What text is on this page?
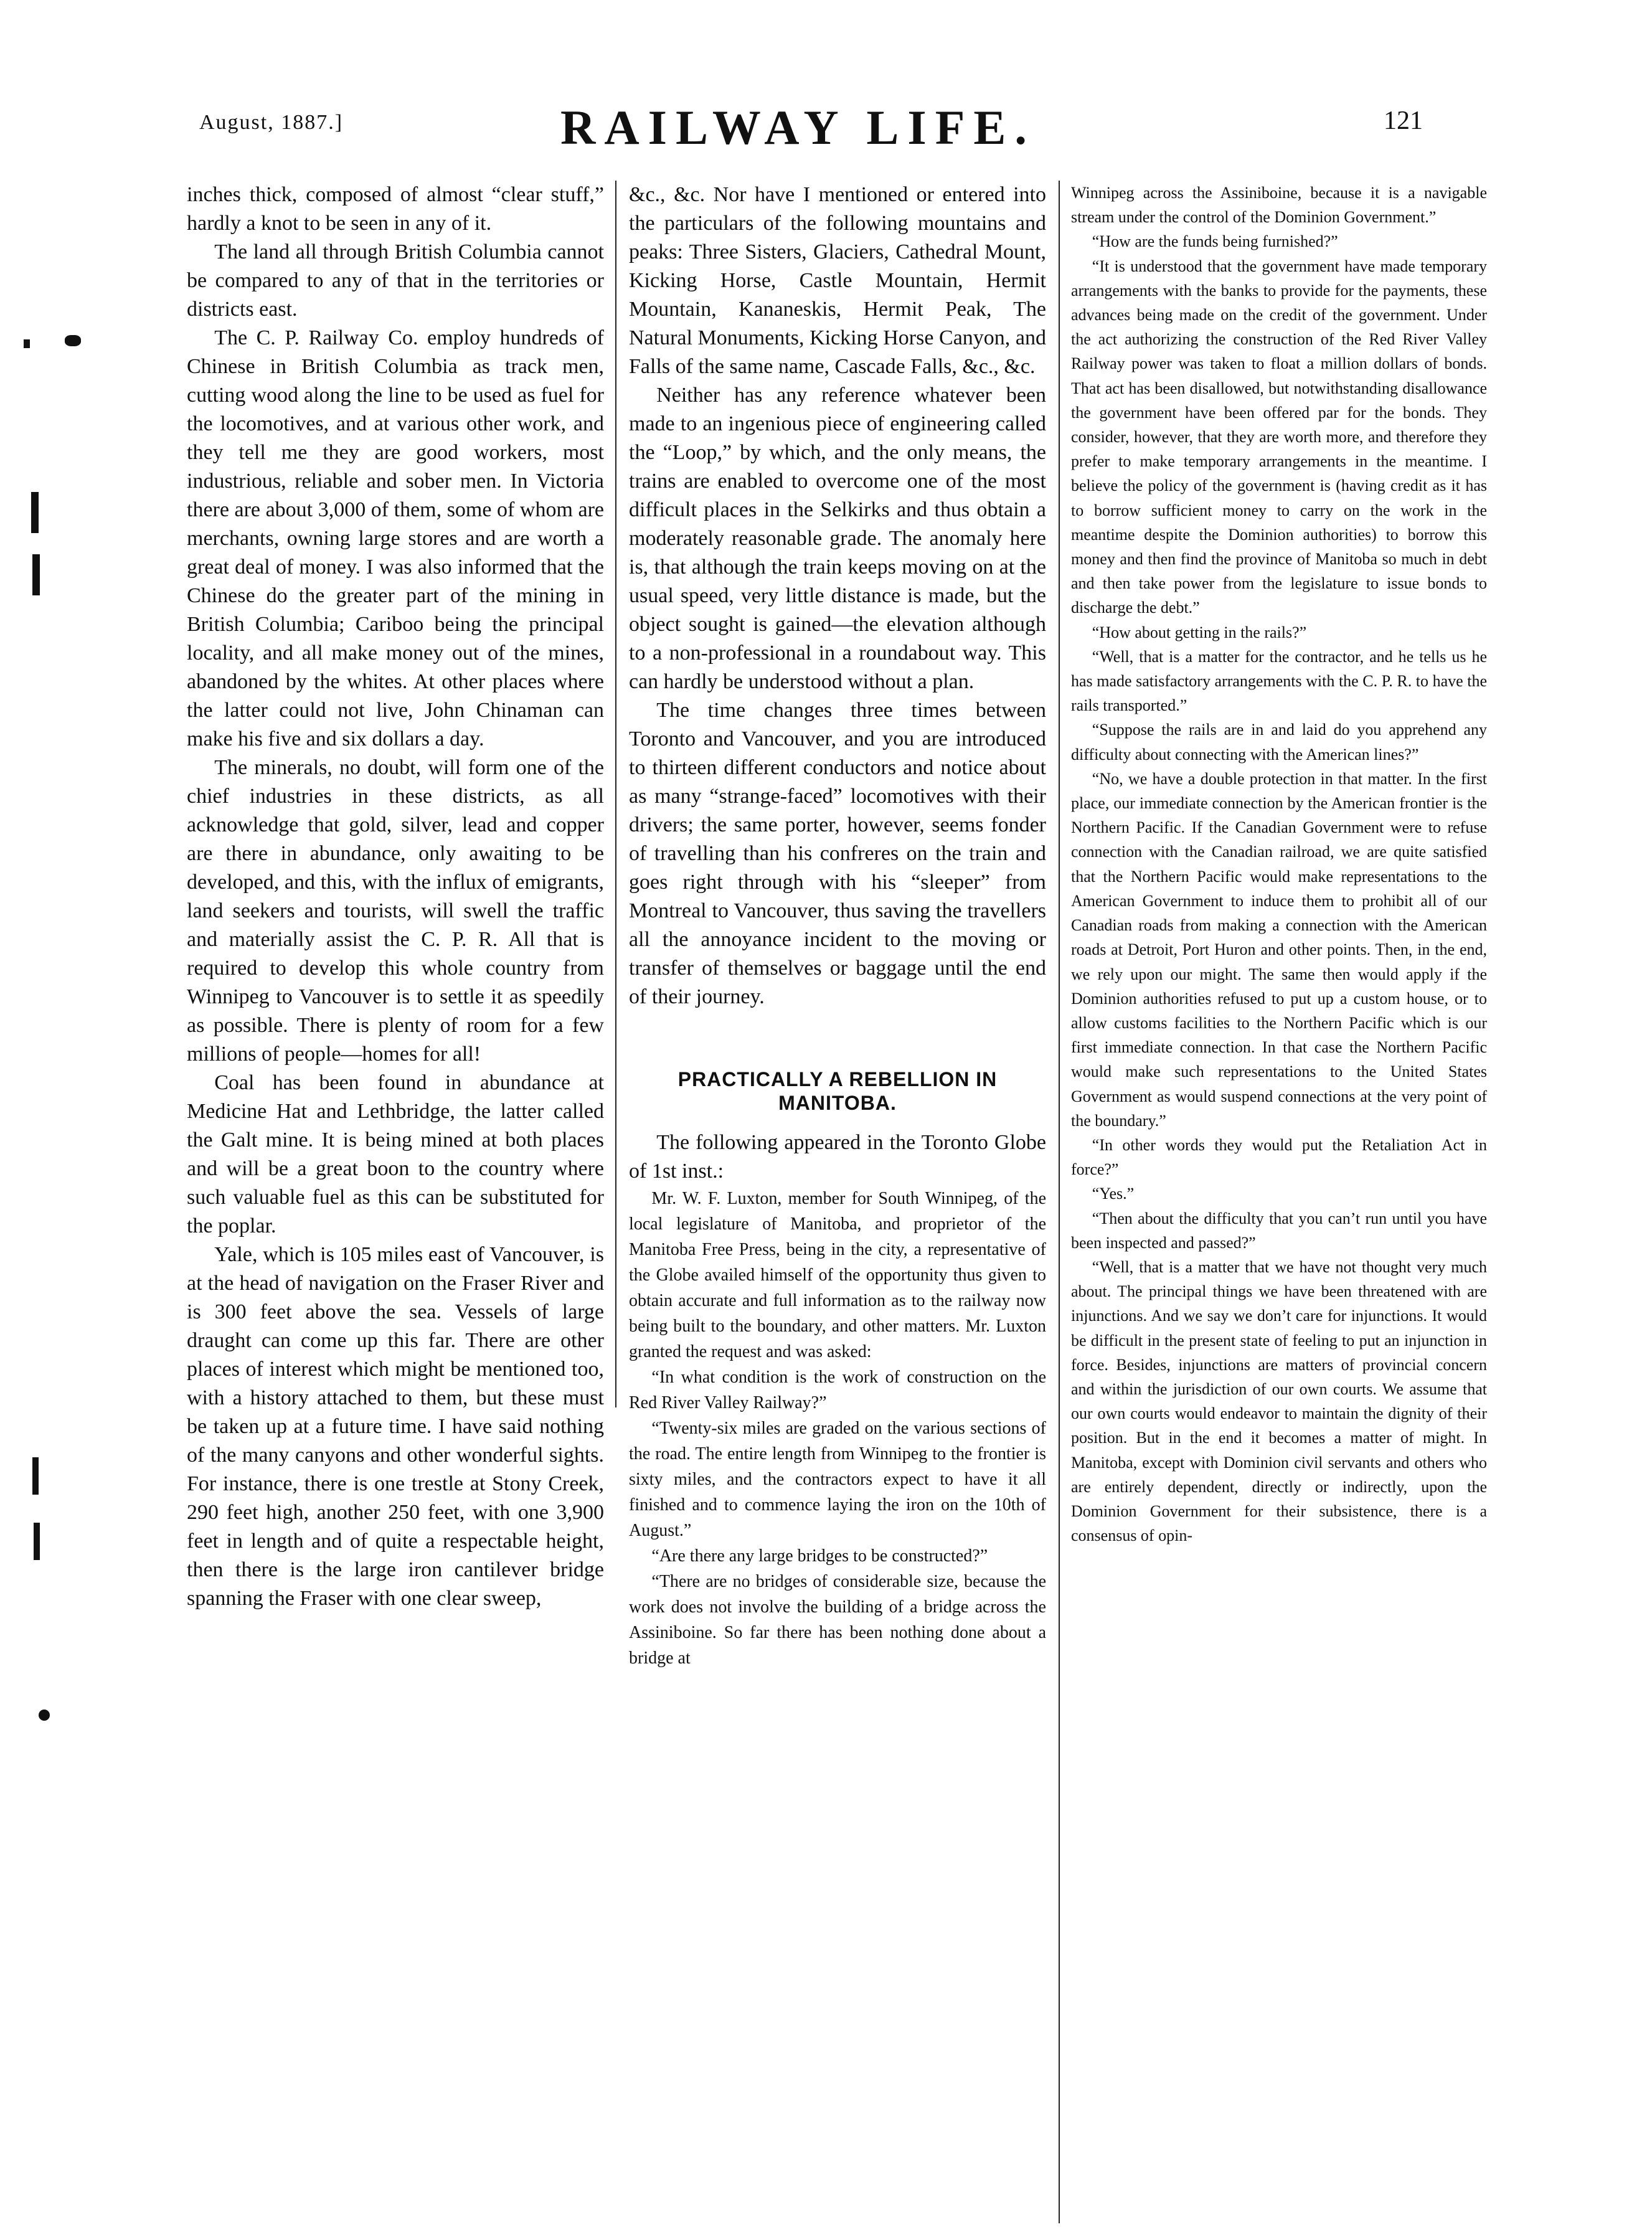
August, 1887.]	RAILWAY LIFE.	121

inches thick, composed of almost “clear stuff,” hardly a knot to be seen in any of it.

The land all through British Columbia cannot be compared to any of that in the territories or districts east.

The C. P. Railway Co. employ hundreds of Chinese in British Columbia as track men, cutting wood along the line to be used as fuel for the locomotives, and at various other work, and they tell me they are good workers, most industrious, reliable and sober men. In Victoria there are about 3,000 of them, some of whom are merchants, owning large stores and are worth a great deal of money. I was also informed that the Chinese do the greater part of the mining in British Columbia; Cariboo being the principal locality, and all make money out of the mines, abandoned by the whites. At other places where the latter could not live, John Chinaman can make his five and six dollars a day.

The minerals, no doubt, will form one of the chief industries in these districts, as all acknowledge that gold, silver, lead and copper are there in abundance, only awaiting to be developed, and this, with the influx of emigrants, land seekers and tourists, will swell the traffic and materially assist the C. P. R. All that is required to develop this whole country from Winnipeg to Vancouver is to settle it as speedily as possible. There is plenty of room for a few millions of people—homes for all!

Coal has been found in abundance at Medicine Hat and Lethbridge, the latter called the Galt mine. It is being mined at both places and will be a great boon to the country where such valuable fuel as this can be substituted for the poplar.

Yale, which is 105 miles east of Vancouver, is at the head of navigation on the Fraser River and is 300 feet above the sea. Vessels of large draught can come up this far. There are other places of interest which might be mentioned too, with a history attached to them, but these must be taken up at a future time. I have said nothing of the many canyons and other wonderful sights. For instance, there is one trestle at Stony Creek, 290 feet high, another 250 feet, with one 3,900 feet in length and of quite a respectable height, then there is the large iron cantilever bridge spanning the Fraser with one clear sweep,

&c., &c. Nor have I mentioned or entered into the particulars of the following mountains and peaks: Three Sisters, Glaciers, Cathedral Mount, Kicking Horse, Castle Mountain, Hermit Mountain, Kananeskis, Hermit Peak, The Natural Monuments, Kicking Horse Canyon, and Falls of the same name, Cascade Falls, &c., &c.

Neither has any reference whatever been made to an ingenious piece of engineering called the “Loop,” by which, and the only means, the trains are enabled to overcome one of the most difficult places in the Selkirks and thus obtain a moderately reasonable grade. The anomaly here is, that although the train keeps moving on at the usual speed, very little distance is made, but the object sought is gained—the elevation although to a non-professional in a roundabout way. This can hardly be understood without a plan.

The time changes three times between Toronto and Vancouver, and you are introduced to thirteen different conductors and notice about as many “strange-faced” locomotives with their drivers; the same porter, however, seems fonder of travelling than his confreres on the train and goes right through with his “sleeper” from Montreal to Vancouver, thus saving the travellers all the annoyance incident to the moving or transfer of themselves or baggage until the end of their journey.

PRACTICALLY A REBELLION IN MANITOBA.

The following appeared in the Toronto Globe of 1st inst.:

Mr. W. F. Luxton, member for South Winnipeg, of the local legislature of Manitoba, and proprietor of the Manitoba Free Press, being in the city, a representative of the Globe availed himself of the opportunity thus given to obtain accurate and full information as to the railway now being built to the boundary, and other matters. Mr. Luxton granted the request and was asked:

“In what condition is the work of construction on the Red River Valley Railway?”

“Twenty-six miles are graded on the various sections of the road. The entire length from Winnipeg to the frontier is sixty miles, and the contractors expect to have it all finished and to commence laying the iron on the 10th of August.”

“Are there any large bridges to be constructed?”

“There are no bridges of considerable size, because the work does not involve the building of a bridge across the Assiniboine. So far there has been nothing done about a bridge at

Winnipeg across the Assiniboine, because it is a navigable stream under the control of the Dominion Government.”

“How are the funds being furnished?”

“It is understood that the government have made temporary arrangements with the banks to provide for the payments, these advances being made on the credit of the government. Under the act authorizing the construction of the Red River Valley Railway power was taken to float a million dollars of bonds. That act has been disallowed, but notwithstanding disallowance the government have been offered par for the bonds. They consider, however, that they are worth more, and therefore they prefer to make temporary arrangements in the meantime. I believe the policy of the government is (having credit as it has to borrow sufficient money to carry on the work in the meantime despite the Dominion authorities) to borrow this money and then find the province of Manitoba so much in debt and then take power from the legislature to issue bonds to discharge the debt.”

“How about getting in the rails?”

“Well, that is a matter for the contractor, and he tells us he has made satisfactory arrangements with the C. P. R. to have the rails transported.”

“Suppose the rails are in and laid do you apprehend any difficulty about connecting with the American lines?”

“No, we have a double protection in that matter. In the first place, our immediate connection by the American frontier is the Northern Pacific. If the Canadian Government were to refuse connection with the Canadian railroad, we are quite satisfied that the Northern Pacific would make representations to the American Government to induce them to prohibit all of our Canadian roads from making a connection with the American roads at Detroit, Port Huron and other points. Then, in the end, we rely upon our might. The same then would apply if the Dominion authorities refused to put up a custom house, or to allow customs facilities to the Northern Pacific which is our first immediate connection. In that case the Northern Pacific would make such representations to the United States Government as would suspend connections at the very point of the boundary.”

“In other words they would put the Retaliation Act in force?”

“Yes.”

“Then about the difficulty that you can’t run until you have been inspected and passed?”

“Well, that is a matter that we have not thought very much about. The principal things we have been threatened with are injunctions. And we say we don’t care for injunctions. It would be difficult in the present state of feeling to put an injunction in force. Besides, injunctions are matters of provincial concern and within the jurisdiction of our own courts. We assume that our own courts would endeavor to maintain the dignity of their position. But in the end it becomes a matter of might. In Manitoba, except with Dominion civil servants and others who are entirely dependent, directly or indirectly, upon the Dominion Government for their subsistence, there is a consensus of opin-
